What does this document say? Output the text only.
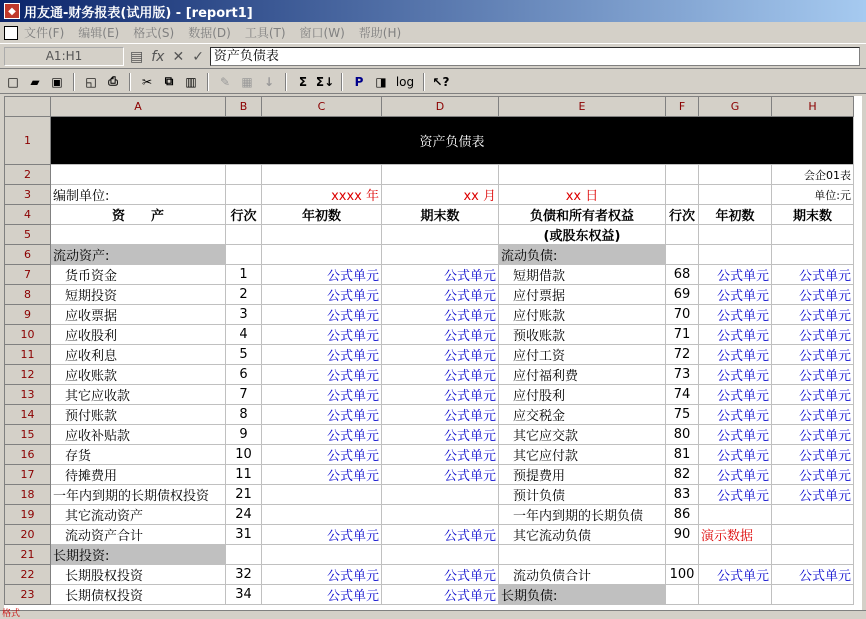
◆ 用友通-财务报表(试用版) - [report1]
文件(F) 编辑(E) 格式(S) 数据(D) 工具(T) 窗口(W) 帮助(H)
A1:H1	▤ fx ✕ ✓ 资产负债表
□ ▰ ▣ ◱ ⎙	✂	⧉	▥	✎ ▦ ↓	Σ Σ↓	P ◨ log ↖?
	A	B	C	D	E	F	G	H
1	资产负债表							
2								会企01表
3	编制单位:		xxxx 年	xx 月	xx 日			单位:元
4	资　　产	行次	年初数	期末数	负债和所有者权益	行次	年初数	期末数
5					(或股东权益)			
6	流动资产:				流动负债:			
7	货币资金	1	公式单元	公式单元	短期借款	68	公式单元	公式单元
8	短期投资	2	公式单元	公式单元	应付票据	69	公式单元	公式单元
9	应收票据	3	公式单元	公式单元	应付账款	70	公式单元	公式单元
10	应收股利	4	公式单元	公式单元	预收账款	71	公式单元	公式单元
11	应收利息	5	公式单元	公式单元	应付工资	72	公式单元	公式单元
12	应收账款	6	公式单元	公式单元	应付福利费	73	公式单元	公式单元
13	其它应收款	7	公式单元	公式单元	应付股利	74	公式单元	公式单元
14	预付账款	8	公式单元	公式单元	应交税金	75	公式单元	公式单元
15	应收补贴款	9	公式单元	公式单元	其它应交款	80	公式单元	公式单元
16	存货	10	公式单元	公式单元	其它应付款	81	公式单元	公式单元
17	待摊费用	11	公式单元	公式单元	预提费用	82	公式单元	公式单元
18	一年内到期的长期债权投资	21			预计负债	83	公式单元	公式单元
19	其它流动资产	24			一年内到期的长期负债	86		
20	流动资产合计	31	公式单元	公式单元	其它流动负债	90	演示数据	
21	长期投资:							
22	长期股权投资	32	公式单元	公式单元	流动负债合计	100	公式单元	公式单元
23	长期债权投资	34	公式单元	公式单元	长期负债:			
格式
